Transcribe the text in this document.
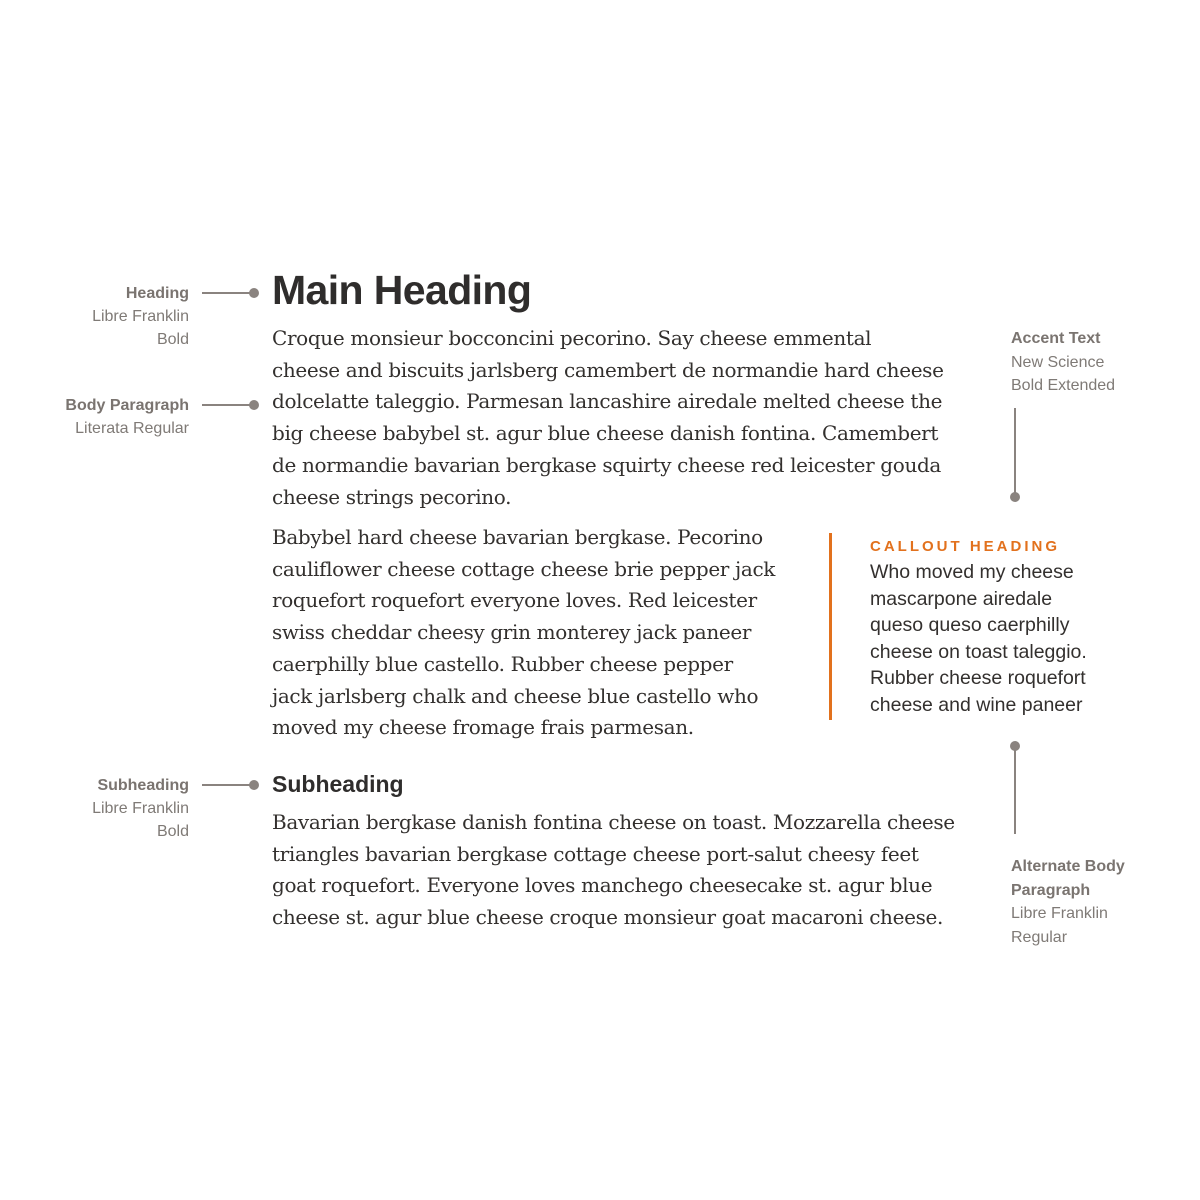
Heading
Libre Franklin
Bold
Body Paragraph
Literata Regular
Subheading
Libre Franklin
Bold
Main Heading

Croque monsieur bocconcini pecorino. Say cheese emmental
cheese and biscuits jarlsberg camembert de normandie hard cheese
dolcelatte taleggio. Parmesan lancashire airedale melted cheese the
big cheese babybel st. agur blue cheese danish fontina. Camembert
de normandie bavarian bergkase squirty cheese red leicester gouda
cheese strings pecorino.

Babybel hard cheese bavarian bergkase. Pecorino
cauliflower cheese cottage cheese brie pepper jack
roquefort roquefort everyone loves. Red leicester
swiss cheddar cheesy grin monterey jack paneer
caerphilly blue castello. Rubber cheese pepper
jack jarlsberg chalk and cheese blue castello who
moved my cheese fromage frais parmesan.

Subheading

Bavarian bergkase danish fontina cheese on toast. Mozzarella cheese
triangles bavarian bergkase cottage cheese port-salut cheesy feet
goat roquefort. Everyone loves manchego cheesecake st. agur blue
cheese st. agur blue cheese croque monsieur goat macaroni cheese.

CALLOUT HEADING
Who moved my cheese
mascarpone airedale
queso queso caerphilly
cheese on toast taleggio.
Rubber cheese roquefort
cheese and wine paneer
Accent Text
New Science
Bold Extended
Alternate Body
Paragraph
Libre Franklin
Regular
